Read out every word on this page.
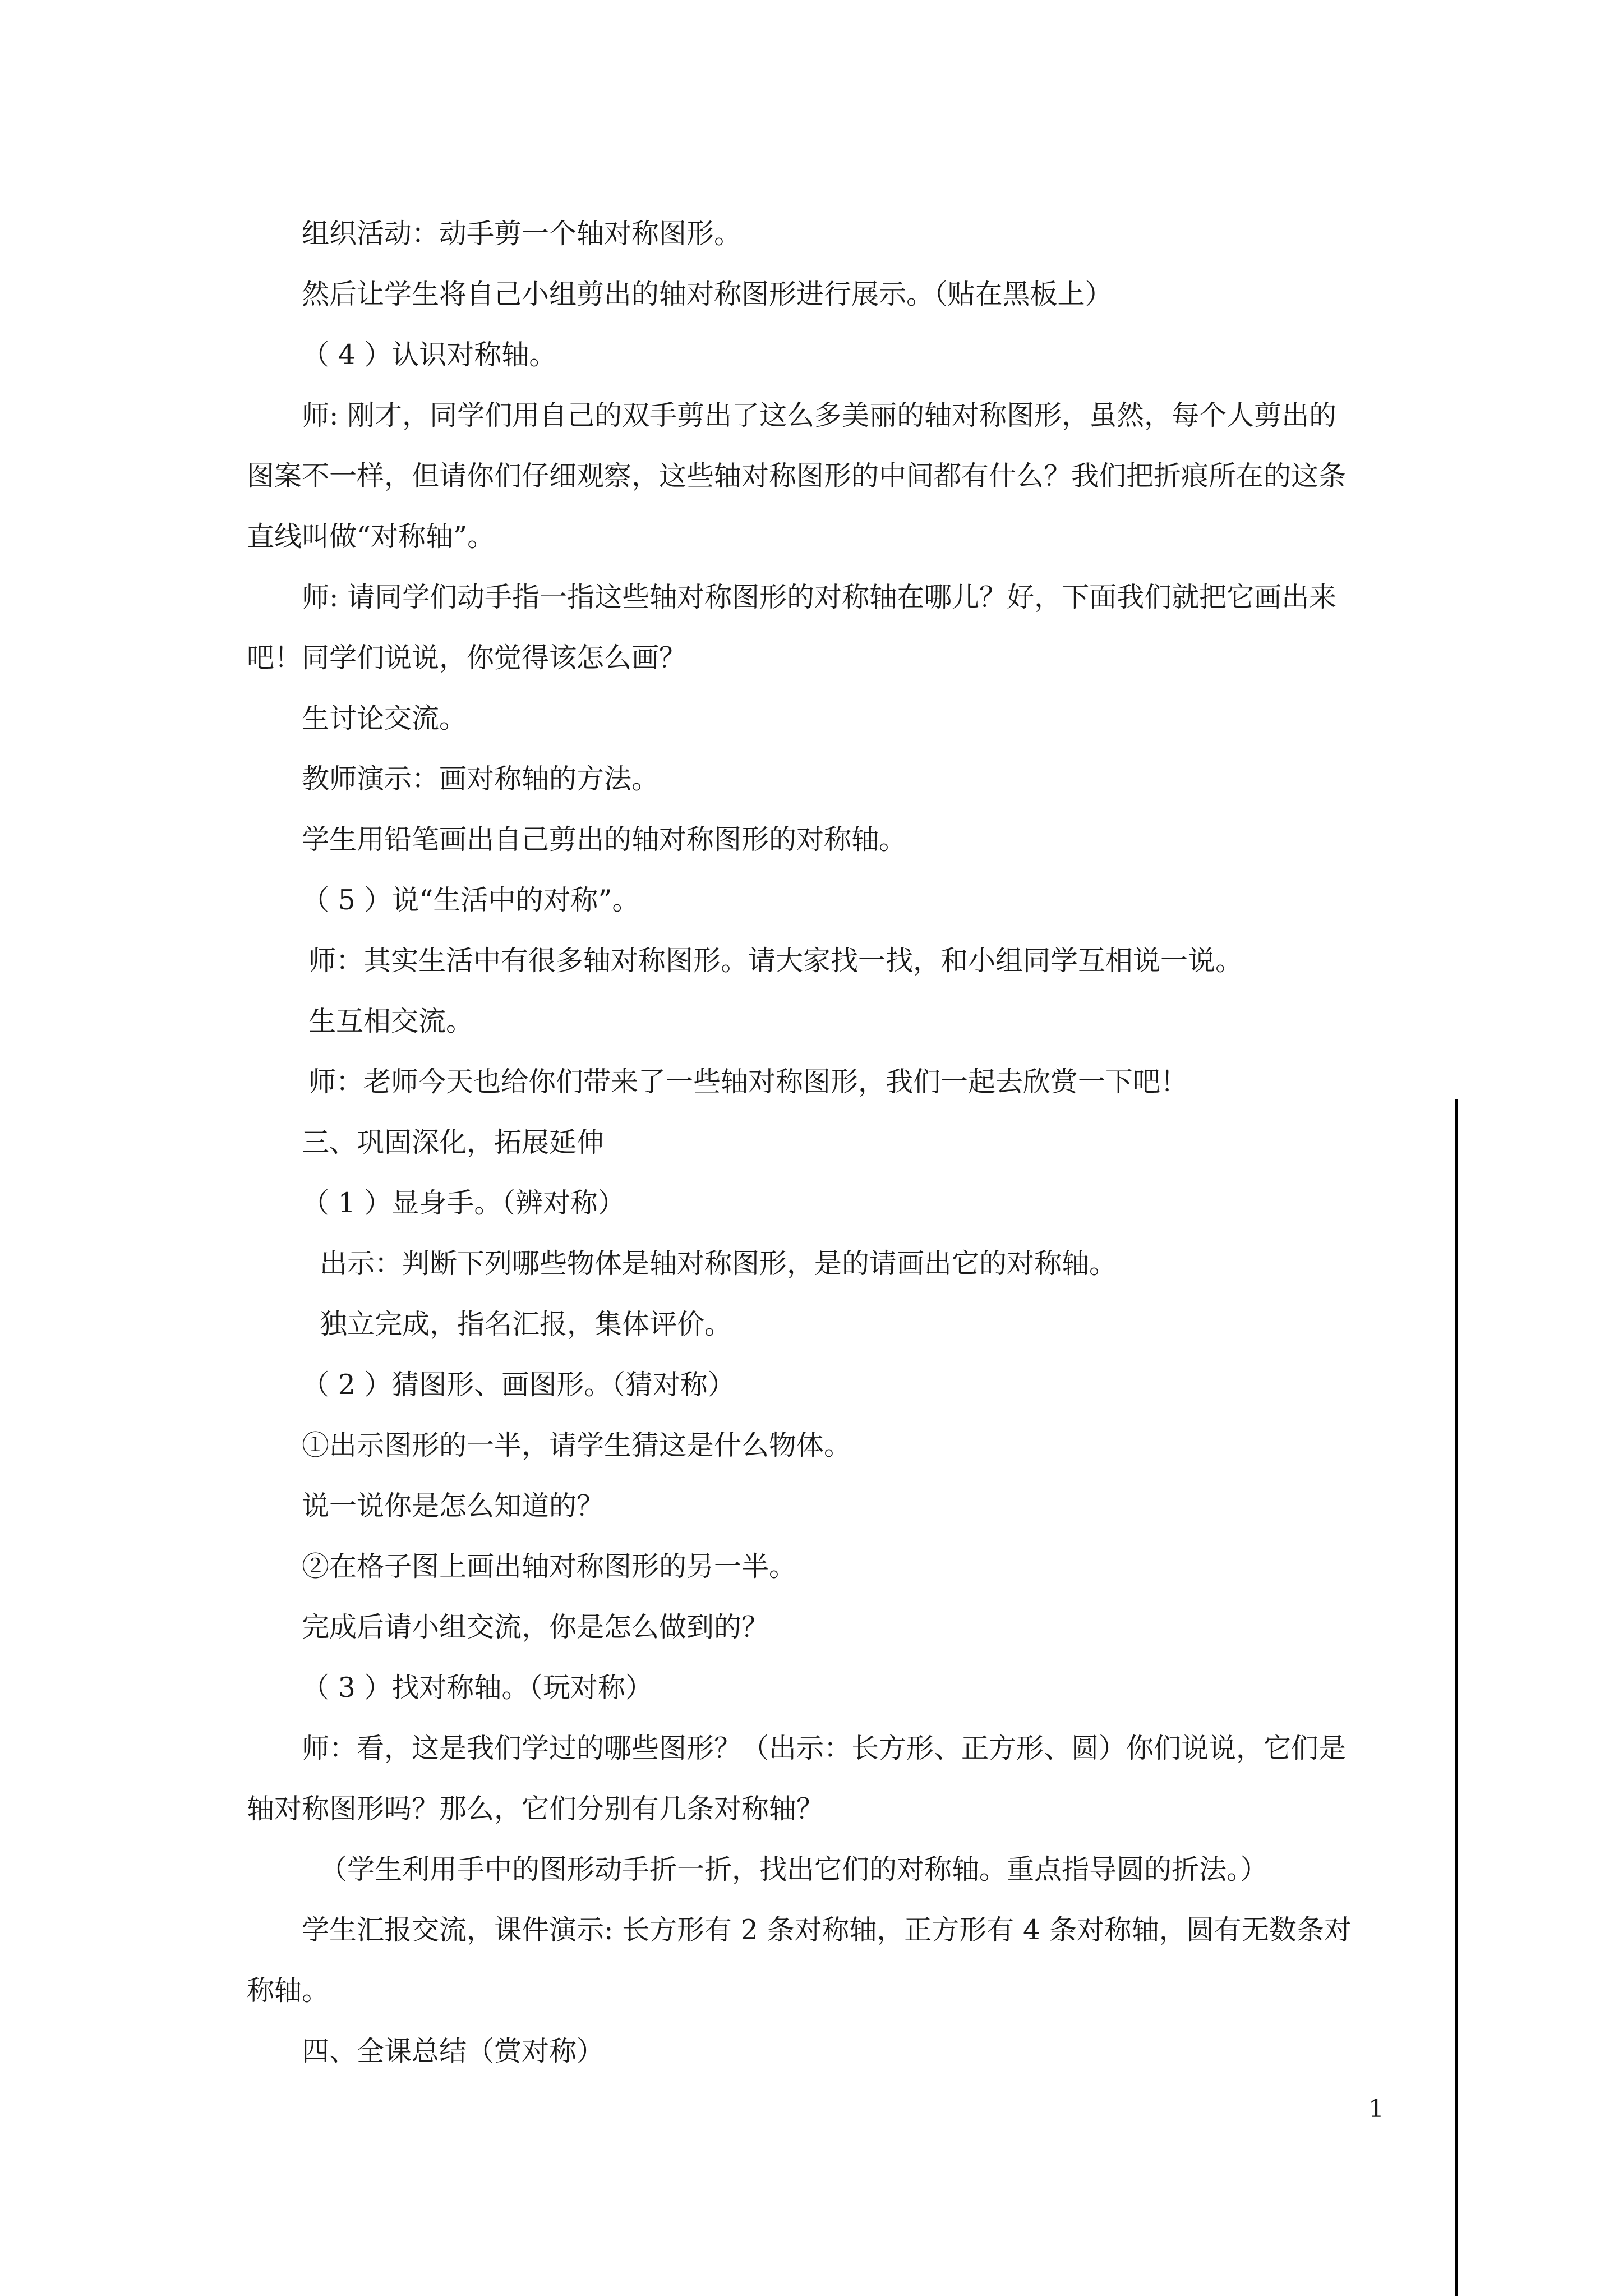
组织活动：动手剪一个轴对称图形。
然后让学生将自己小组剪出的轴对称图形进行展示。（贴在黑板上）
（ 4 ）认识对称轴。
师: 刚才，同学们用自己的双手剪出了这么多美丽的轴对称图形，虽然，每个人剪出的
图案不一样，但请你们仔细观察，这些轴对称图形的中间都有什么？我们把折痕所在的这条
直线叫做“对称轴”。
师: 请同学们动手指一指这些轴对称图形的对称轴在哪儿？好，下面我们就把它画出来
吧！同学们说说，你觉得该怎么画？
生讨论交流。
教师演示：画对称轴的方法。
学生用铅笔画出自己剪出的轴对称图形的对称轴。
（ 5 ）说“生活中的对称”。
师：其实生活中有很多轴对称图形。请大家找一找，和小组同学互相说一说。
生互相交流。
师：老师今天也给你们带来了一些轴对称图形，我们一起去欣赏一下吧！
三、巩固深化，拓展延伸
（ 1 ）显身手。（辨对称）
出示：判断下列哪些物体是轴对称图形，是的请画出它的对称轴。
独立完成，指名汇报，集体评价。
（ 2 ）猜图形、画图形。（猜对称）
①出示图形的一半，请学生猜这是什么物体。
说一说你是怎么知道的？
②在格子图上画出轴对称图形的另一半。
完成后请小组交流，你是怎么做到的？
（ 3 ）找对称轴。（玩对称）
师：看，这是我们学过的哪些图形？（出示：长方形、正方形、圆）你们说说，它们是
轴对称图形吗？那么，它们分别有几条对称轴？
（学生利用手中的图形动手折一折，找出它们的对称轴。重点指导圆的折法。）
学生汇报交流，课件演示: 长方形有 2 条对称轴，正方形有 4 条对称轴，圆有无数条对
称轴。
四、全课总结（赏对称）
1
